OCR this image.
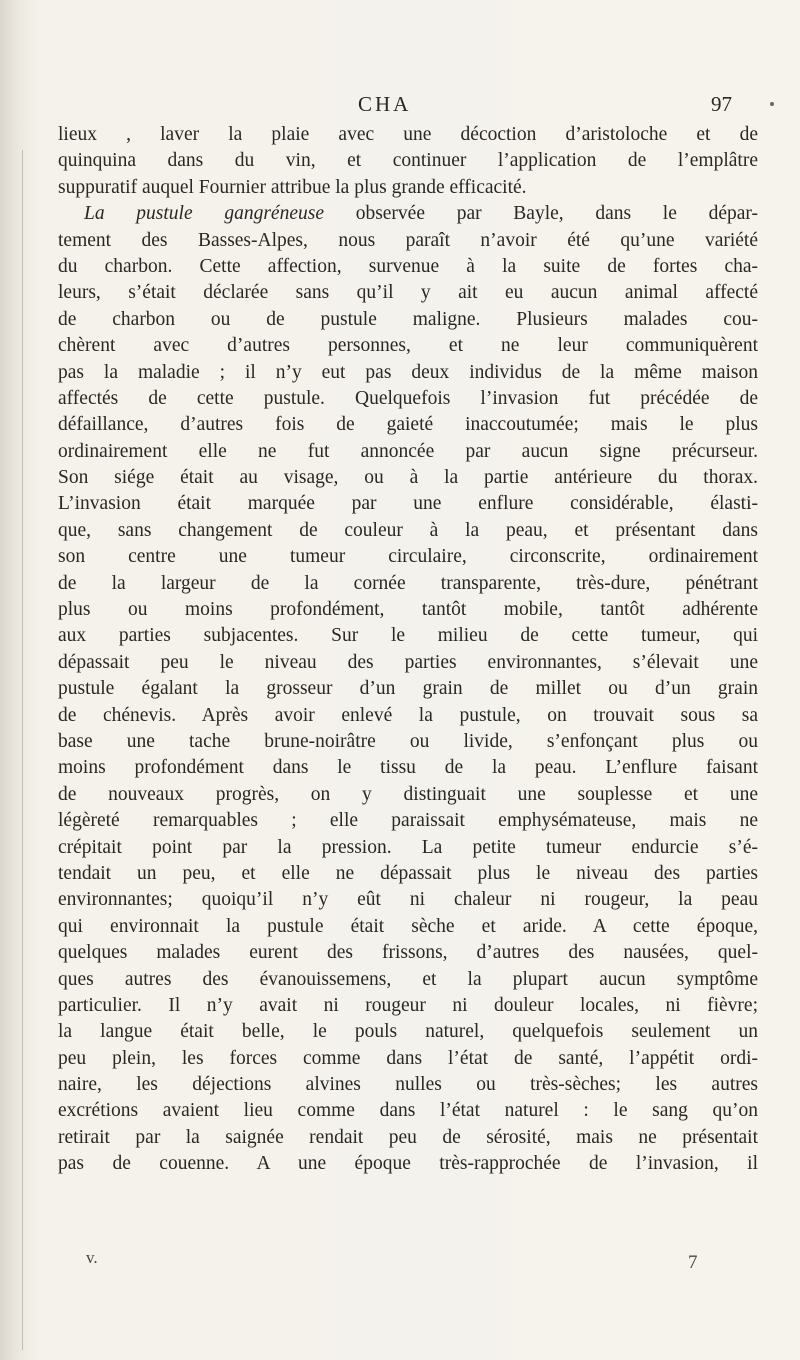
CHA	97
lieux , laver la plaie avec une décoction d’aristoloche et de
quinquina dans du vin, et continuer l’application de l’emplâtre
suppuratif auquel Fournier attribue la plus grande efficacité.
La pustule gangréneuse observée par Bayle, dans le dépar-
tement des Basses-Alpes, nous paraît n’avoir été qu’une variété
du charbon. Cette affection, survenue à la suite de fortes cha-
leurs, s’était déclarée sans qu’il y ait eu aucun animal affecté
de charbon ou de pustule maligne. Plusieurs malades cou-
chèrent avec d’autres personnes, et ne leur communiquèrent
pas la maladie ; il n’y eut pas deux individus de la même maison
affectés de cette pustule. Quelquefois l’invasion fut précédée de
défaillance, d’autres fois de gaieté inaccoutumée; mais le plus
ordinairement elle ne fut annoncée par aucun signe précurseur.
Son siége était au visage, ou à la partie antérieure du thorax.
L’invasion était marquée par une enflure considérable, élasti-
que, sans changement de couleur à la peau, et présentant dans
son centre une tumeur circulaire, circonscrite, ordinairement
de la largeur de la cornée transparente, très-dure, pénétrant
plus ou moins profondément, tantôt mobile, tantôt adhérente
aux parties subjacentes. Sur le milieu de cette tumeur, qui
dépassait peu le niveau des parties environnantes, s’élevait une
pustule égalant la grosseur d’un grain de millet ou d’un grain
de chénevis. Après avoir enlevé la pustule, on trouvait sous sa
base une tache brune-noirâtre ou livide, s’enfonçant plus ou
moins profondément dans le tissu de la peau. L’enflure faisant
de nouveaux progrès, on y distinguait une souplesse et une
légèreté remarquables ; elle paraissait emphysémateuse, mais ne
crépitait point par la pression. La petite tumeur endurcie s’é-
tendait un peu, et elle ne dépassait plus le niveau des parties
environnantes; quoiqu’il n’y eût ni chaleur ni rougeur, la peau
qui environnait la pustule était sèche et aride. A cette époque,
quelques malades eurent des frissons, d’autres des nausées, quel-
ques autres des évanouissemens, et la plupart aucun symptôme
particulier. Il n’y avait ni rougeur ni douleur locales, ni fièvre;
la langue était belle, le pouls naturel, quelquefois seulement un
peu plein, les forces comme dans l’état de santé, l’appétit ordi-
naire, les déjections alvines nulles ou très-sèches; les autres
excrétions avaient lieu comme dans l’état naturel : le sang qu’on
retirait par la saignée rendait peu de sérosité, mais ne présentait
pas de couenne. A une époque très-rapprochée de l’invasion, il
v.	7
